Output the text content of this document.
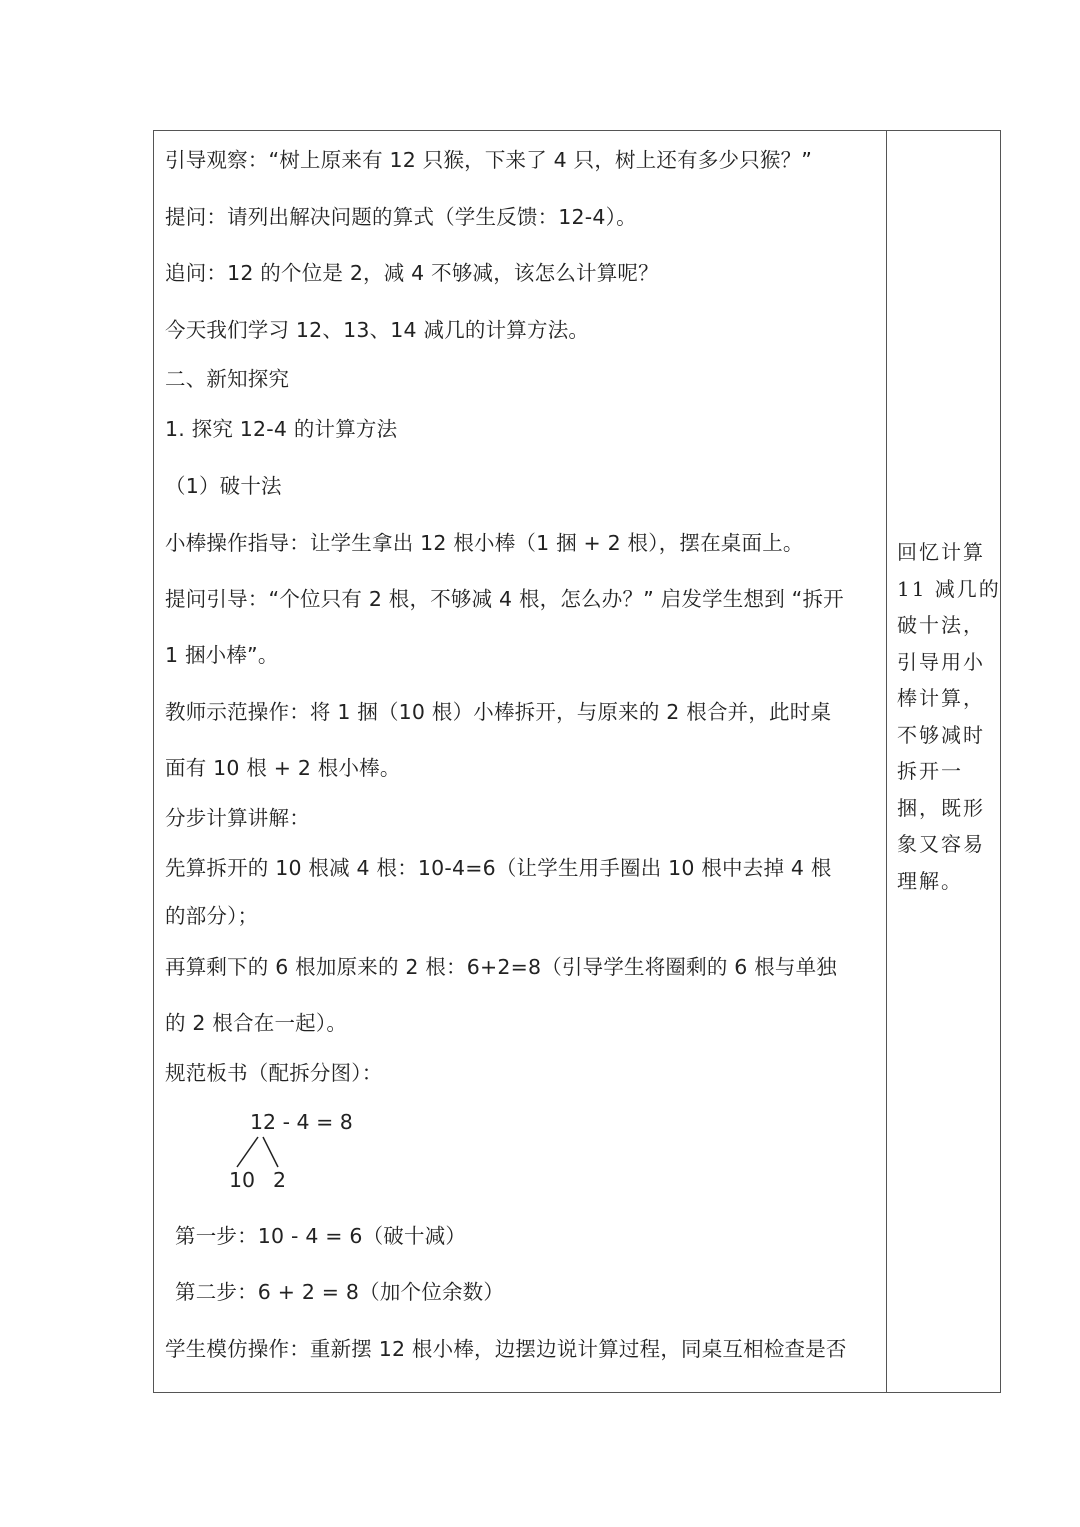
引导观察：“树上原来有 12 只猴，下来了 4 只，树上还有多少只猴？”
提问：请列出解决问题的算式（学生反馈：12-4）。
追问：12 的个位是 2，减 4 不够减，该怎么计算呢？
今天我们学习 12、13、14 减几的计算方法。
二、新知探究
1. 探究 12-4 的计算方法
（1）破十法
小棒操作指导：让学生拿出 12 根小棒（1 捆 + 2 根），摆在桌面上。
提问引导：“个位只有 2 根，不够减 4 根，怎么办？” 启发学生想到 “拆开
1 捆小棒”。
教师示范操作：将 1 捆（10 根）小棒拆开，与原来的 2 根合并，此时桌
面有 10 根 + 2 根小棒。
分步计算讲解：
先算拆开的 10 根减 4 根：10-4=6（让学生用手圈出 10 根中去掉 4 根
的部分）；
再算剩下的 6 根加原来的 2 根：6+2=8（引导学生将圈剩的 6 根与单独
的 2 根合在一起）。
规范板书（配拆分图）：
12 - 4 = 8
10 2
第一步：10 - 4 = 6（破十减）
第二步：6 + 2 = 8（加个位余数）
学生模仿操作：重新摆 12 根小棒，边摆边说计算过程，同桌互相检查是否
回忆计算
11 减几的
破十法，
引导用小
棒计算，
不够减时
拆开一
捆，既形
象又容易
理解。
